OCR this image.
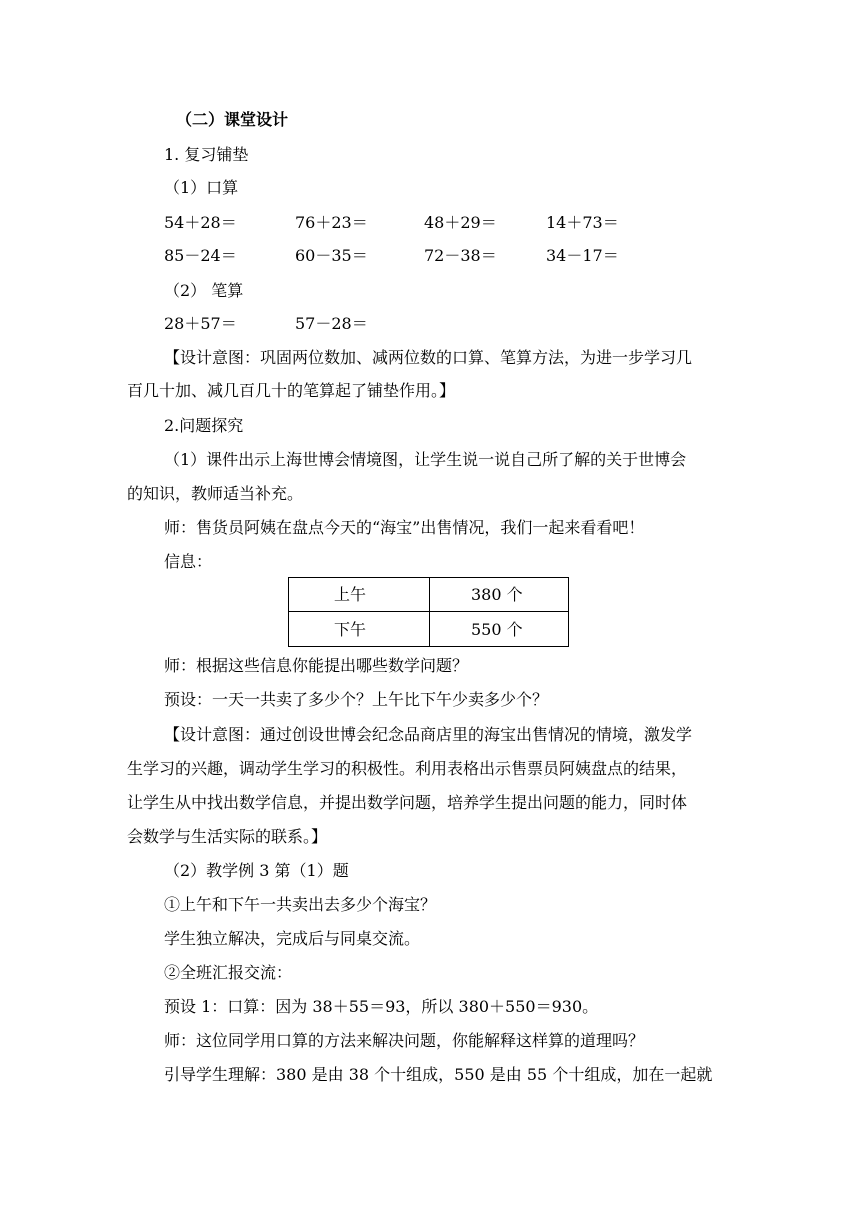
（二）课堂设计
1. 复习铺垫
（1）口算
54＋28＝	76＋23＝	48＋29＝	14＋73＝
85－24＝	60－35＝	72－38＝	34－17＝
（2） 笔算
28＋57＝	57－28＝
【设计意图：巩固两位数加、减两位数的口算、笔算方法，为进一步学习几
百几十加、减几百几十的笔算起了铺垫作用。】
2.问题探究
（1）课件出示上海世博会情境图，让学生说一说自己所了解的关于世博会
的知识，教师适当补充。
师：售货员阿姨在盘点今天的“海宝”出售情况，我们一起来看看吧！
信息：
上午	380 个
下午	550 个
师：根据这些信息你能提出哪些数学问题？
预设：一天一共卖了多少个？上午比下午少卖多少个？
【设计意图：通过创设世博会纪念品商店里的海宝出售情况的情境，激发学
生学习的兴趣，调动学生学习的积极性。利用表格出示售票员阿姨盘点的结果，
让学生从中找出数学信息，并提出数学问题，培养学生提出问题的能力，同时体
会数学与生活实际的联系。】
（2）教学例 3 第（1）题
①上午和下午一共卖出去多少个海宝？
学生独立解决，完成后与同桌交流。
②全班汇报交流：
预设 1：口算：因为 38＋55＝93，所以 380＋550＝930。
师：这位同学用口算的方法来解决问题，你能解释这样算的道理吗？
引导学生理解：380 是由 38 个十组成，550 是由 55 个十组成，加在一起就
